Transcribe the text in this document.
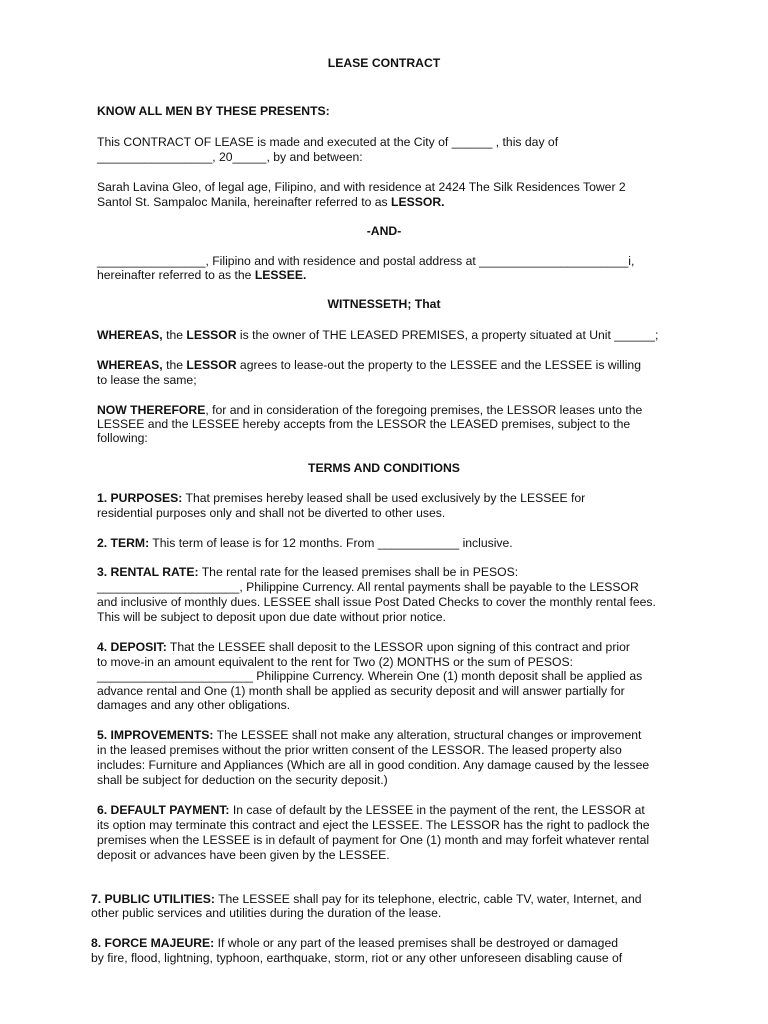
LEASE CONTRACT
KNOW ALL MEN BY THESE PRESENTS:
This CONTRACT OF LEASE is made and executed at the City of ______ , this day of
_________________, 20_____, by and between:
Sarah Lavina Gleo, of legal age, Filipino, and with residence at 2424 The Silk Residences Tower 2
Santol St. Sampaloc Manila, hereinafter referred to as LESSOR.
-AND-
________________, Filipino and with residence and postal address at ______________________i,
hereinafter referred to as the LESSEE.
WITNESSETH; That
WHEREAS, the LESSOR is the owner of THE LEASED PREMISES, a property situated at Unit ______;
WHEREAS, the LESSOR agrees to lease-out the property to the LESSEE and the LESSEE is willing
to lease the same;
NOW THEREFORE, for and in consideration of the foregoing premises, the LESSOR leases unto the
LESSEE and the LESSEE hereby accepts from the LESSOR the LEASED premises, subject to the
following:
TERMS AND CONDITIONS
1. PURPOSES: That premises hereby leased shall be used exclusively by the LESSEE for
residential purposes only and shall not be diverted to other uses.
2. TERM: This term of lease is for 12 months. From ____________ inclusive.
3. RENTAL RATE: The rental rate for the leased premises shall be in PESOS:
_____________________, Philippine Currency. All rental payments shall be payable to the LESSOR
and inclusive of monthly dues. LESSEE shall issue Post Dated Checks to cover the monthly rental fees.
This will be subject to deposit upon due date without prior notice.
4. DEPOSIT: That the LESSEE shall deposit to the LESSOR upon signing of this contract and prior
to move-in an amount equivalent to the rent for Two (2) MONTHS or the sum of PESOS:
_______________________ Philippine Currency. Wherein One (1) month deposit shall be applied as
advance rental and One (1) month shall be applied as security deposit and will answer partially for
damages and any other obligations.
5. IMPROVEMENTS: The LESSEE shall not make any alteration, structural changes or improvement
in the leased premises without the prior written consent of the LESSOR. The leased property also
includes: Furniture and Appliances (Which are all in good condition. Any damage caused by the lessee
shall be subject for deduction on the security deposit.)
6. DEFAULT PAYMENT: In case of default by the LESSEE in the payment of the rent, the LESSOR at
its option may terminate this contract and eject the LESSEE. The LESSOR has the right to padlock the
premises when the LESSEE is in default of payment for One (1) month and may forfeit whatever rental
deposit or advances have been given by the LESSEE.
7. PUBLIC UTILITIES: The LESSEE shall pay for its telephone, electric, cable TV, water, Internet, and
other public services and utilities during the duration of the lease.
8. FORCE MAJEURE: If whole or any part of the leased premises shall be destroyed or damaged
by fire, flood, lightning, typhoon, earthquake, storm, riot or any other unforeseen disabling cause of
